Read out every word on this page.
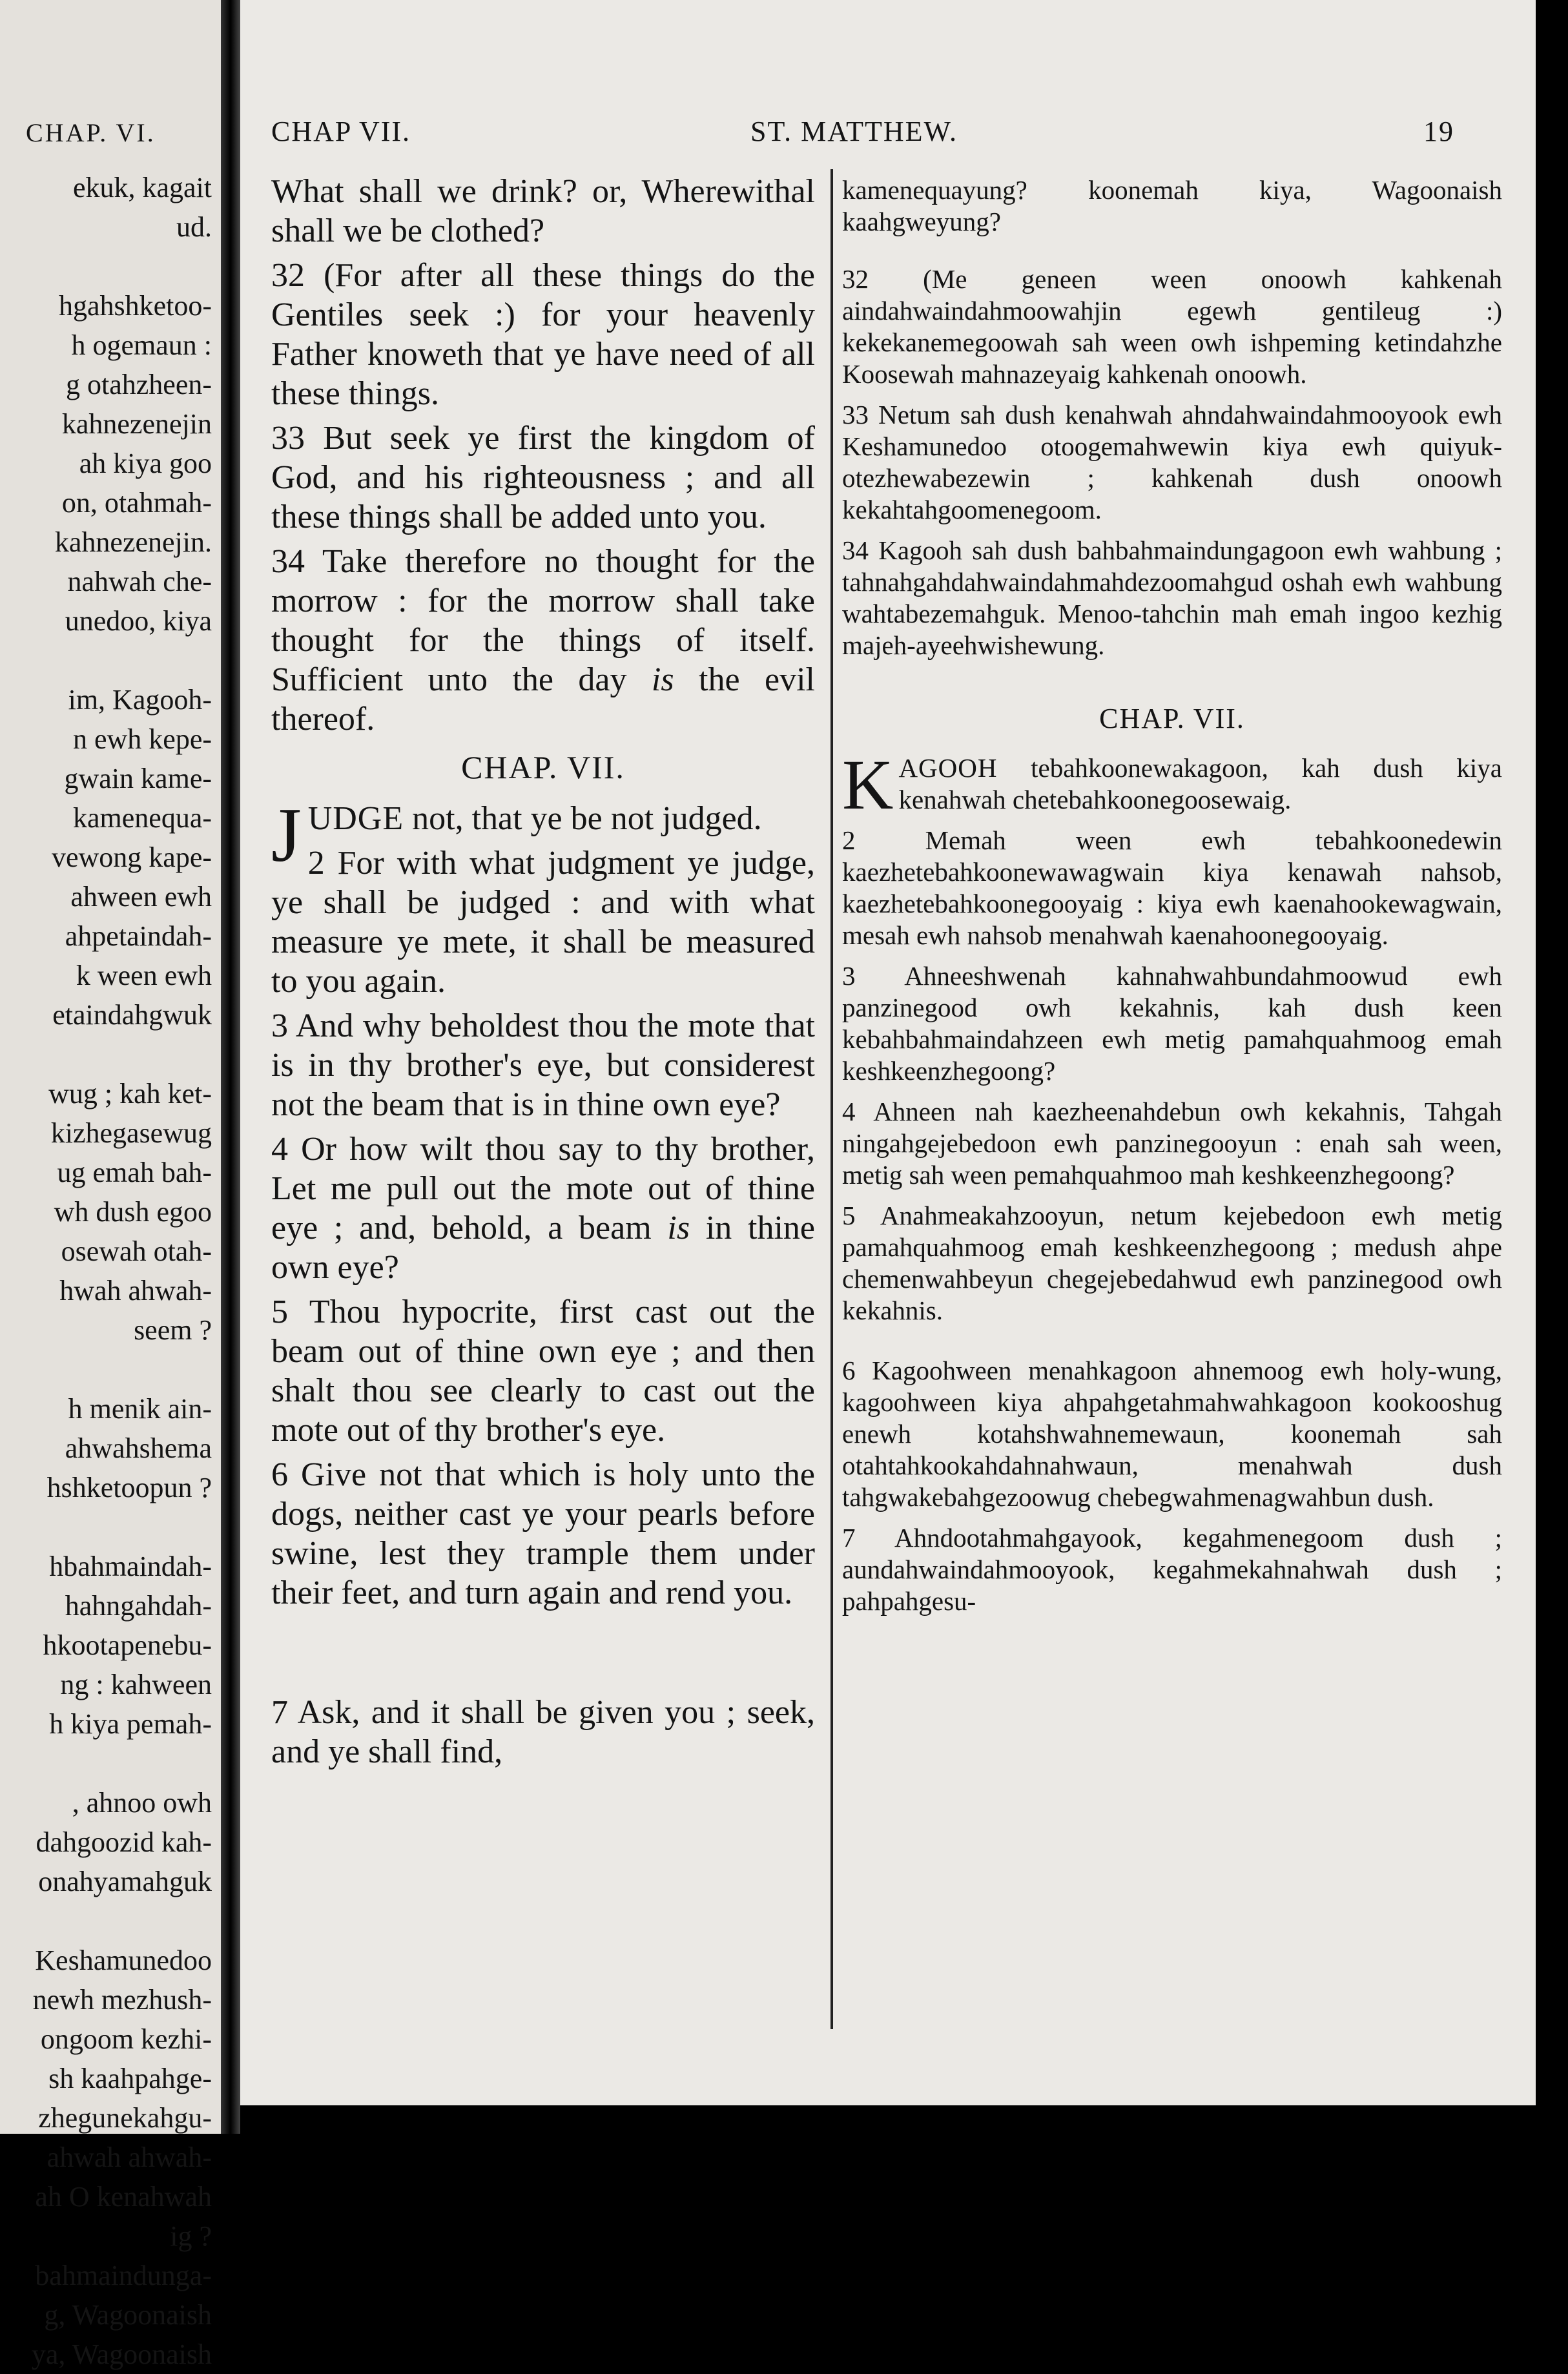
CHAP. VI.
ekuk, kagait
ud.
hgahshketoo-
h ogemaun :
g otahzheen-
kahnezenejin
ah kiya goo
on, otahmah-
kahnezenejin.
nahwah che-
unedoo, kiya
im, Kagooh-
n ewh kepe-
gwain kame-
kamenequa-
vewong kape-
ahween ewh
ahpetaindah-
k ween ewh
etaindahgwuk
wug ; kah ket-
kizhegasewug
ug emah bah-
wh dush egoo
osewah otah-
hwah ahwah-
seem ?
h menik ain-
ahwahshema
hshketoopun ?
hbahmaindah-
hahngahdah-
hkootapenebu-
ng : kahween
h kiya pemah-
, ahnoo owh
dahgoozid kah-
onahyamahguk
Keshamunedoo
newh mezhush-
ongoom kezhi-
sh kaahpahge-
zhegunekahgu-
ahwah ahwah-
ah O kenahwah
ig ?
bahmaindunga-
g, Wagoonaish
ya, Wagoonaish
CHAP VII.	ST. MATTHEW.	19

What shall we drink? or, Wherewithal shall we be clothed?

32 (For after all these things do the Gentiles seek :) for your heavenly Father knoweth that ye have need of all these things.

33 But seek ye first the kingdom of God, and his righteousness ; and all these things shall be added unto you.

34 Take therefore no thought for the morrow : for the morrow shall take thought for the things of itself. Sufficient unto the day is the evil thereof.

CHAP. VII.

JUDGE not, that ye be not judged.

2 For with what judgment ye judge, ye shall be judged : and with what measure ye mete, it shall be measured to you again.

3 And why beholdest thou the mote that is in thy brother's eye, but considerest not the beam that is in thine own eye?

4 Or how wilt thou say to thy brother, Let me pull out the mote out of thine eye ; and, behold, a beam is in thine own eye?

5 Thou hypocrite, first cast out the beam out of thine own eye ; and then shalt thou see clearly to cast out the mote out of thy brother's eye.

6 Give not that which is holy unto the dogs, neither cast ye your pearls before swine, lest they trample them under their feet, and turn again and rend you.

7 Ask, and it shall be given you ; seek, and ye shall find,

kamenequayung? koonemah kiya, Wagoonaish kaahgweyung?

32 (Me geneen ween onoowh kahkenah aindahwaindahmoowahjin egewh gentileug :) kekekanemegoowah sah ween owh ishpeming ketindahzhe Koosewah mahnazeyaig kahkenah onoowh.

33 Netum sah dush kenahwah ahndahwaindahmooyook ewh Keshamunedoo otoogemahwewin kiya ewh quiyuk-otezhewabezewin ; kahkenah dush onoowh kekahtahgoomenegoom.

34 Kagooh sah dush bahbahmaindungagoon ewh wahbung ; tahnahgahdahwaindahmahdezoomahgud oshah ewh wahbung wahtabezemahguk. Menoo-tahchin mah emah ingoo kezhig majeh-ayeehwishewung.

CHAP. VII.

KAGOOH tebahkoonewakagoon, kah dush kiya kenahwah chetebahkoonegoosewaig.

2 Memah ween ewh tebahkoonedewin kaezhetebahkoonewawagwain kiya kenawah nahsob, kaezhetebahkoonegooyaig : kiya ewh kaenahookewagwain, mesah ewh nahsob menahwah kaenahoonegooyaig.

3 Ahneeshwenah kahnahwahbundahmoowud ewh panzinegood owh kekahnis, kah dush keen kebahbahmaindahzeen ewh metig pamahquahmoog emah keshkeenzhegoong?

4 Ahneen nah kaezheenahdebun owh kekahnis, Tahgah ningahgejebedoon ewh panzinegooyun : enah sah ween, metig sah ween pemahquahmoo mah keshkeenzhegoong?

5 Anahmeakahzooyun, netum kejebedoon ewh metig pamahquahmoog emah keshkeenzhegoong ; medush ahpe chemenwahbeyun chegejebedahwud ewh panzinegood owh kekahnis.

6 Kagoohween menahkagoon ahnemoog ewh holy-wung, kagoohween kiya ahpahgetahmahwahkagoon kookooshug enewh kotahshwahnemewaun, koonemah sah otahtahkookahdahnahwaun, menahwah dush tahgwakebahgezoowug chebegwahmenagwahbun dush.

7 Ahndootahmahgayook, kegahmenegoom dush ; aundahwaindahmooyook, kegahmekahnahwah dush ; pahpahgesu-
